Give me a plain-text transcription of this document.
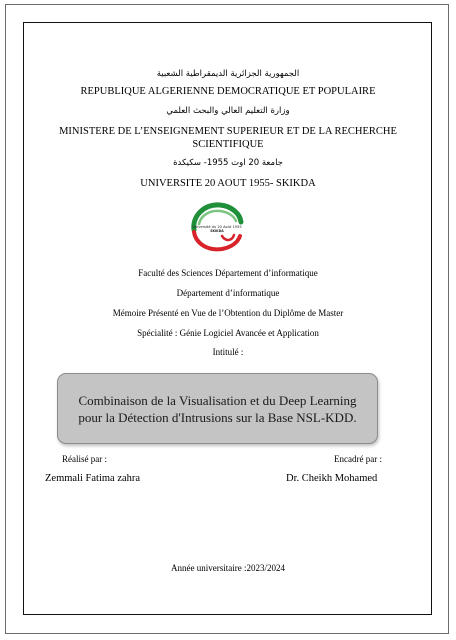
الجمهورية الجزائرية الديمقراطية الشعبية
REPUBLIQUE ALGERIENNE DEMOCRATIQUE ET POPULAIRE
وزارة التعليم العالي والبحث العلمي
MINISTERE DE L’ENSEIGNEMENT SUPERIEUR ET DE LA RECHERCHE
SCIENTIFIQUE
جامعة 20 اوت 1955- سكيكدة
UNIVERSITE 20 AOUT 1955- SKIKDA
Université du 20 Août 1955
SKIKDA
Faculté des Sciences Département d’informatique
Département d’informatique
Mémoire Présenté en Vue de l’Obtention du Diplôme de Master
Spécialité : Génie Logiciel Avancée et Application
Intitulé :
Combinaison de la Visualisation et du Deep Learning
pour la Détection d'Intrusions sur la Base NSL-KDD.
Réalisé par :
Zemmali Fatima zahra
Encadré par :
Dr. Cheikh Mohamed
Année universitaire :2023/2024
